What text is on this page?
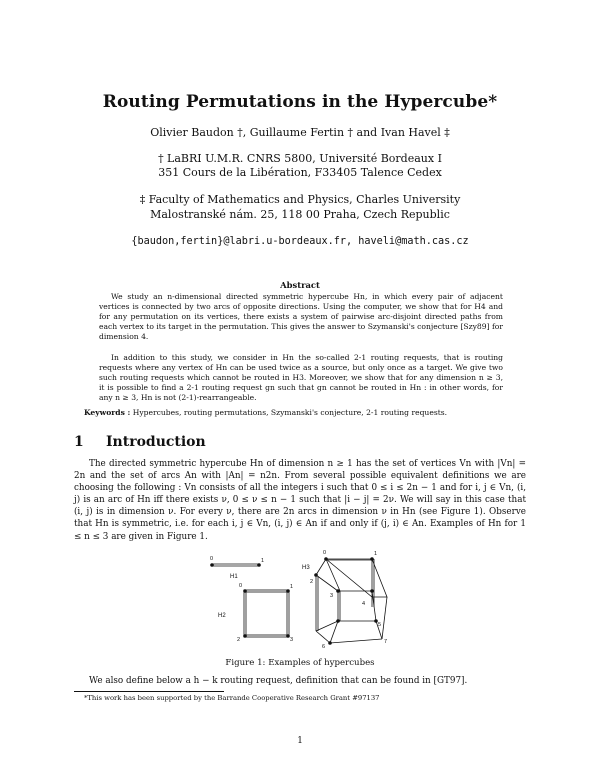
Routing Permutations in the Hypercube*
Olivier Baudon †, Guillaume Fertin † and Ivan Havel ‡
† LaBRI U.M.R. CNRS 5800, Université Bordeaux I
351 Cours de la Libération, F33405 Talence Cedex
‡ Faculty of Mathematics and Physics, Charles University
Malostranské nám. 25, 118 00 Praha, Czech Republic
{baudon,fertin}@labri.u-bordeaux.fr, haveli@math.cas.cz
Abstract
We study an n-dimensional directed symmetric hypercube Hn, in which every pair of adjacent vertices is connected by two arcs of opposite directions. Using the computer, we show that for H4 and for any permutation on its vertices, there exists a system of pairwise arc-disjoint directed paths from each vertex to its target in the permutation. This gives the answer to Szymanski's conjecture [Szy89] for dimension 4.
In addition to this study, we consider in Hn the so-called 2-1 routing requests, that is routing requests where any vertex of Hn can be used twice as a source, but only once as a target. We give two such routing requests which cannot be routed in H3. Moreover, we show that for any dimension n ≥ 3, it is possible to find a 2-1 routing request gn such that gn cannot be routed in Hn : in other words, for any n ≥ 3, Hn is not (2-1)-rearrangeable.
Keywords : Hypercubes, routing permutations, Szymanski's conjecture, 2-1 routing requests.
1 Introduction
The directed symmetric hypercube Hn of dimension n ≥ 1 has the set of vertices Vn with |Vn| = 2n and the set of arcs An with |An| = n2n. From several possible equivalent definitions we are choosing the following : Vn consists of all the integers i such that 0 ≤ i ≤ 2n − 1 and for i, j ∈ Vn, (i, j) is an arc of Hn iff there exists ν, 0 ≤ ν ≤ n − 1 such that |i − j| = 2ν. We will say in this case that (i, j) is in dimension ν. For every ν, there are 2n arcs in dimension ν in Hn (see Figure 1). Observe that Hn is symmetric, i.e. for each i, j ∈ Vn, (i, j) ∈ An if and only if (j, i) ∈ An. Examples of Hn for 1 ≤ n ≤ 3 are given in Figure 1.
0	1
H1
0	1
2	3
H2
H3
0	1
2
3
4
5
6
7
Figure 1: Examples of hypercubes
We also define below a h − k routing request, definition that can be found in [GT97].
*This work has been supported by the Barrande Cooperative Research Grant #97137
1
